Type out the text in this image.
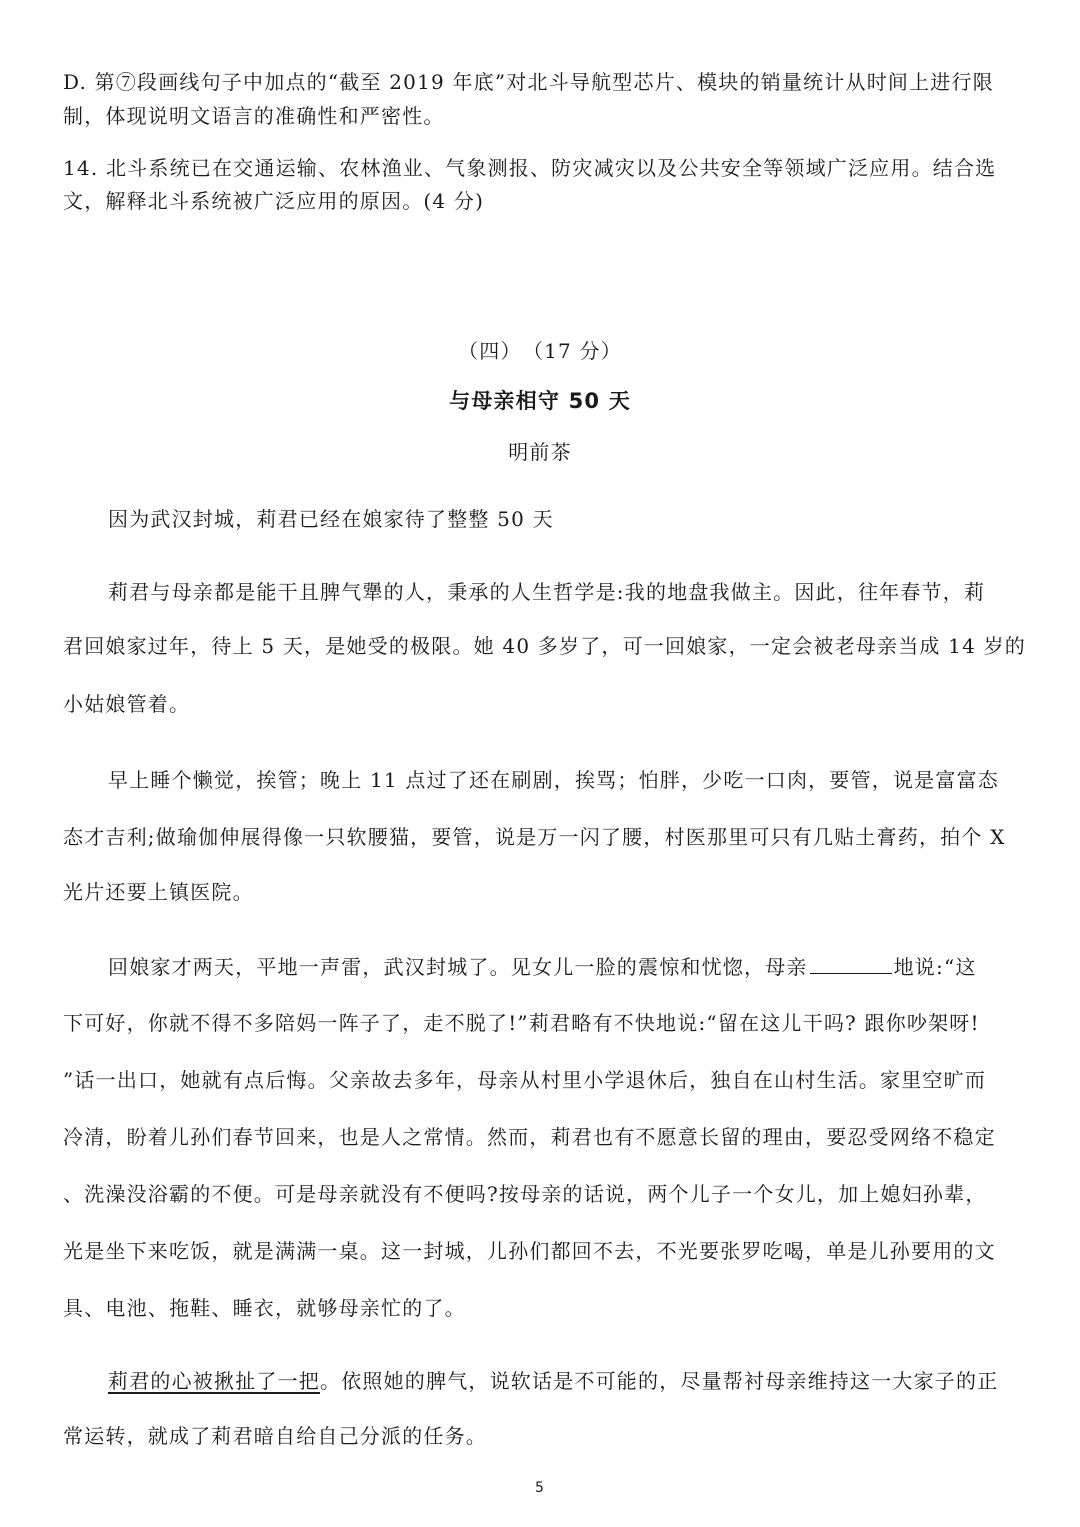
D. 第⑦段画线句子中加点的“截至 2019 年底”对北斗导航型芯片、模块的销量统计从时间上进行限
制，体现说明文语言的准确性和严密性。
14. 北斗系统已在交通运输、农林渔业、气象测报、防灾减灾以及公共安全等领域广泛应用。结合选
文，解释北斗系统被广泛应用的原因。(4 分)
（四）　（17 分）
与母亲相守 50 天
明前茶
因为武汉封城，莉君已经在娘家待了整整 50 天
莉君与母亲都是能干且脾气犟的人，秉承的人生哲学是:我的地盘我做主。因此，往年春节，莉
君回娘家过年，待上 5 天，是她受的极限。她 40 多岁了，可一回娘家，一定会被老母亲当成 14 岁的
小姑娘管着。
早上睡个懒觉，挨管；晚上 11 点过了还在刷剧，挨骂；怕胖，少吃一口肉，要管，说是富富态
态才吉利;做瑜伽伸展得像一只软腰猫，要管，说是万一闪了腰，村医那里可只有几贴土膏药，拍个 X
光片还要上镇医院。
回娘家才两天，平地一声雷，武汉封城了。见女儿一脸的震惊和忧惚，母亲	地说:“这
下可好，你就不得不多陪妈一阵子了，走不脱了!”莉君略有不快地说:“留在这儿干吗? 跟你吵架呀!
”话一出口，她就有点后悔。父亲故去多年，母亲从村里小学退休后，独自在山村生活。家里空旷而
冷清，盼着儿孙们春节回来，也是人之常情。然而，莉君也有不愿意长留的理由，要忍受网络不稳定
、洗澡没浴霸的不便。可是母亲就没有不便吗?按母亲的话说，两个儿子一个女儿，加上媳妇孙辈，
光是坐下来吃饭，就是满满一桌。这一封城，儿孙们都回不去，不光要张罗吃喝，单是儿孙要用的文
具、电池、拖鞋、睡衣，就够母亲忙的了。
莉君的心被揪扯了一把。依照她的脾气，说软话是不可能的，尽量帮衬母亲维持这一大家子的正
常运转，就成了莉君暗自给自己分派的任务。
5
